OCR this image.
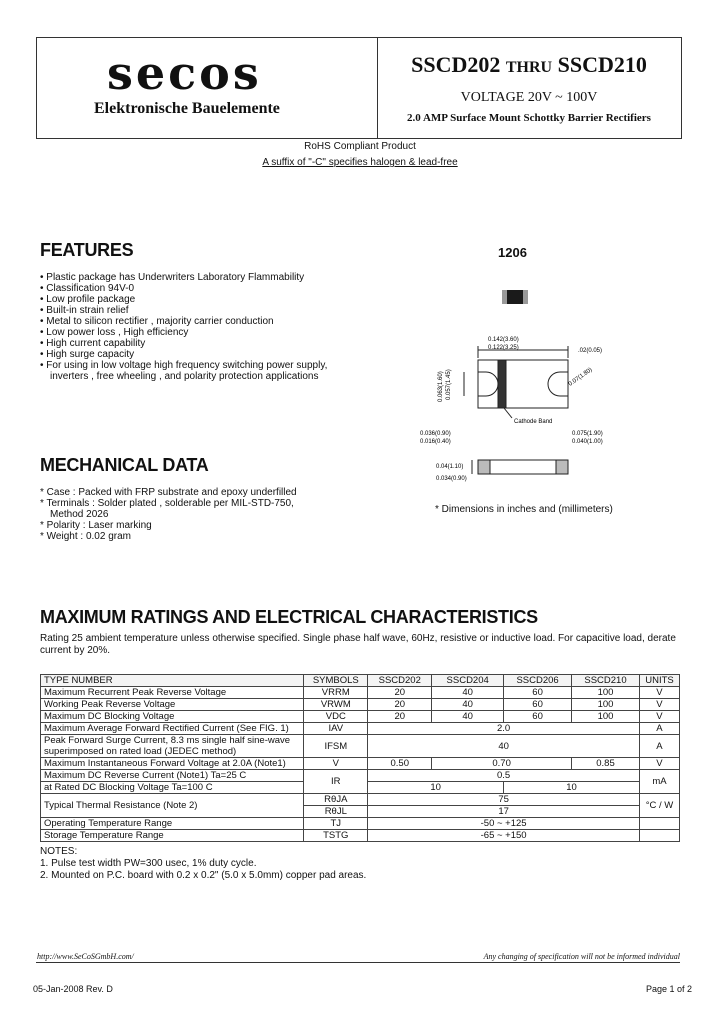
secos
Elektronische Bauelemente
SSCD202 THRU SSCD210
VOLTAGE 20V ~ 100V
2.0 AMP Surface Mount Schottky Barrier Rectifiers
RoHS Compliant Product
A suffix of "-C" specifies halogen & lead-free
FEATURES
• Plastic package has Underwriters Laboratory Flammability
• Classification 94V-0
• Low profile package
• Built-in strain relief
• Metal to silicon rectifier , majority carrier conduction
• Low power loss , High efficiency
• High current capability
• High surge capacity
• For using in low voltage high frequency switching power supply, inverters , free wheeling , and polarity protection applications
1206
0.142(3.60)
0.122(3.25)	.02(0.05)
0.07(1.80)
0.063(1.60) 0.057(1.45)
Cathode Band
0.036(0.90)
0.016(0.40)
0.075(1.90)
0.040(1.00)
0.04(1.10)
0.034(0.90)
* Dimensions in inches and (millimeters)
MECHANICAL DATA
* Case : Packed with FRP substrate and epoxy underfilled
* Terminals : Solder plated , solderable per MIL-STD-750, Method 2026
* Polarity : Laser marking
* Weight : 0.02 gram
MAXIMUM RATINGS AND ELECTRICAL CHARACTERISTICS
Rating 25 ambient temperature unless otherwise specified. Single phase half wave, 60Hz, resistive or inductive load. For capacitive load, derate current by 20%.
TYPE NUMBER	SYMBOLS	SSCD202	SSCD204	SSCD206	SSCD210	UNITS
Maximum Recurrent Peak Reverse Voltage	VRRM	20	40	60	100	V
Working Peak Reverse Voltage	VRWM	20	40	60	100	V
Maximum DC Blocking Voltage	VDC	20	40	60	100	V
Maximum Average Forward Rectified Current (See FIG. 1)	IAV	2.0				A
Peak Forward Surge Current, 8.3 ms single half sine-wave
superimposed on rated load (JEDEC method)	IFSM	40				A
Maximum Instantaneous Forward Voltage at 2.0A (Note1)	V	0.50	0.70		0.85	V
Maximum DC Reverse Current (Note1) Ta=25 C	IR	0.5				mA
at Rated DC Blocking Voltage Ta=100 C		10		10		
Typical Thermal Resistance (Note 2)	RθJA	75				°C / W
	RθJL	17				
Operating Temperature Range	TJ	-50 ~ +125				
Storage Temperature Range	TSTG	-65 ~ +150				
NOTES:
1. Pulse test width PW=300 usec, 1% duty cycle.
2. Mounted on P.C. board with 0.2 x 0.2" (5.0 x 5.0mm) copper pad areas.
http://www.SeCoSGmbH.com/	Any changing of specification will not be informed individual
05-Jan-2008 Rev. D	Page 1 of 2
